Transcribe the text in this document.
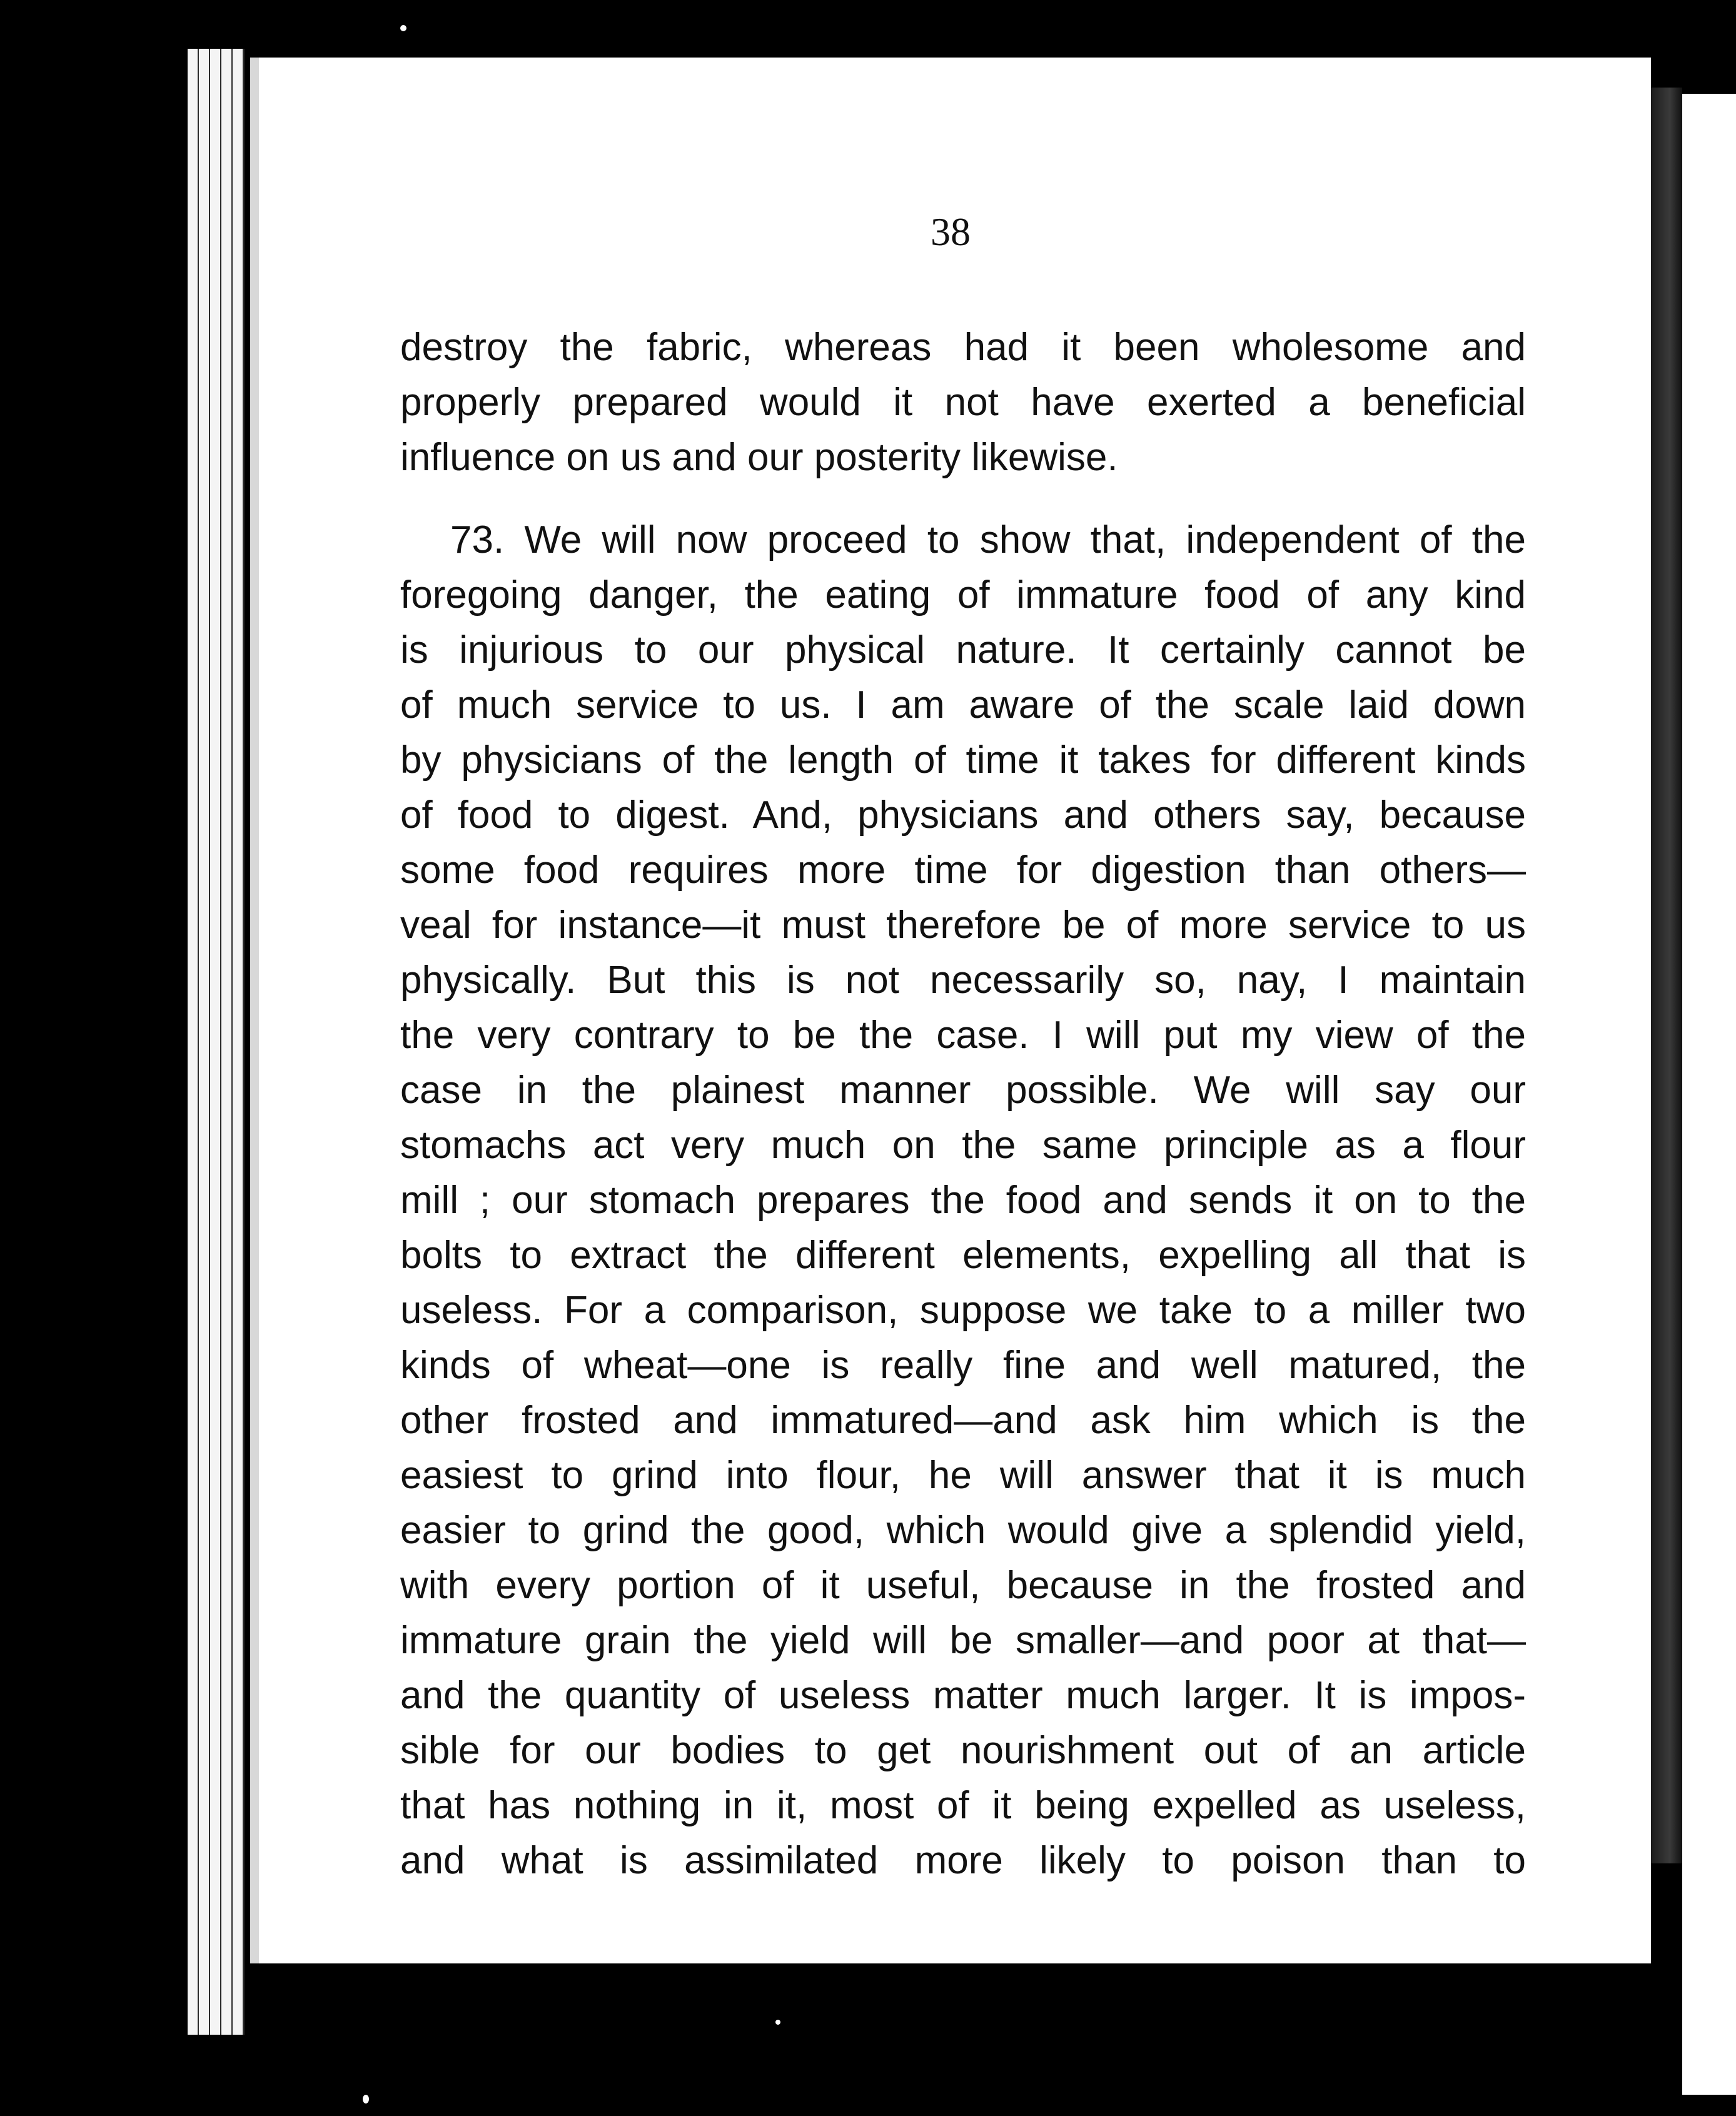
38
destroy the fabric, whereas had it been wholesome and
properly prepared would it not have exerted a beneficial
influence on us and our posterity likewise.
73. We will now proceed to show that, independent of the
foregoing danger, the eating of immature food of any kind
is injurious to our physical nature. It certainly cannot be
of much service to us. I am aware of the scale laid down
by physicians of the length of time it takes for different kinds
of food to digest. And, physicians and others say, because
some food requires more time for digestion than others—
veal for instance—it must therefore be of more service to us
physically. But this is not necessarily so, nay, I maintain
the very contrary to be the case. I will put my view of the
case in the plainest manner possible. We will say our
stomachs act very much on the same principle as a flour
mill ; our stomach prepares the food and sends it on to the
bolts to extract the different elements, expelling all that is
useless. For a comparison, suppose we take to a miller two
kinds of wheat—one is really fine and well matured, the
other frosted and immatured—and ask him which is the
easiest to grind into flour, he will answer that it is much
easier to grind the good, which would give a splendid yield,
with every portion of it useful, because in the frosted and
immature grain the yield will be smaller—and poor at that—
and the quantity of useless matter much larger. It is impos-
sible for our bodies to get nourishment out of an article
that has nothing in it, most of it being expelled as useless,
and what is assimilated more likely to poison than to
